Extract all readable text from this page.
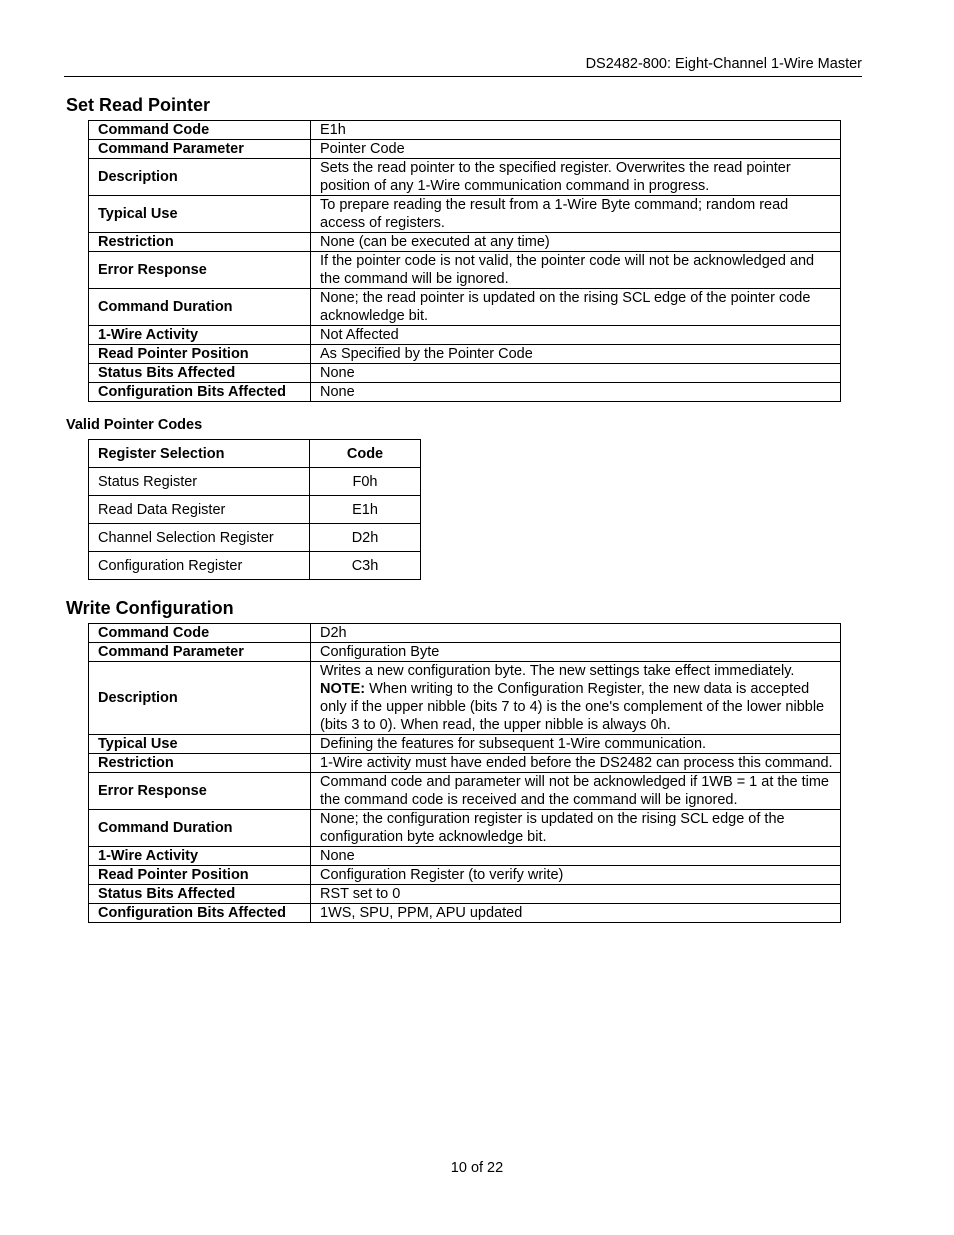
DS2482-800: Eight-Channel 1-Wire Master
Set Read Pointer
Command Code	E1h
Command Parameter	Pointer Code
Description	Sets the read pointer to the specified register. Overwrites the read pointer position of any 1-Wire communication command in progress.
Typical Use	To prepare reading the result from a 1-Wire Byte command; random read access of registers.
Restriction	None (can be executed at any time)
Error Response	If the pointer code is not valid, the pointer code will not be acknowledged and the command will be ignored.
Command Duration	None; the read pointer is updated on the rising SCL edge of the pointer code acknowledge bit.
1-Wire Activity	Not Affected
Read Pointer Position	As Specified by the Pointer Code
Status Bits Affected	None
Configuration Bits Affected	None
Valid Pointer Codes
Register Selection	Code
Status Register	F0h
Read Data Register	E1h
Channel Selection Register	D2h
Configuration Register	C3h
Write Configuration
Command Code	D2h
Command Parameter	Configuration Byte
Description	Writes a new configuration byte. The new settings take effect immediately.
NOTE: When writing to the Configuration Register, the new data is accepted only if the upper nibble (bits 7 to 4) is the one's complement of the lower nibble (bits 3 to 0). When read, the upper nibble is always 0h.
Typical Use	Defining the features for subsequent 1-Wire communication.
Restriction	1-Wire activity must have ended before the DS2482 can process this command.
Error Response	Command code and parameter will not be acknowledged if 1WB = 1 at the time the command code is received and the command will be ignored.
Command Duration	None; the configuration register is updated on the rising SCL edge of the configuration byte acknowledge bit.
1-Wire Activity	None
Read Pointer Position	Configuration Register (to verify write)
Status Bits Affected	RST set to 0
Configuration Bits Affected	1WS, SPU, PPM, APU updated
10 of 22
